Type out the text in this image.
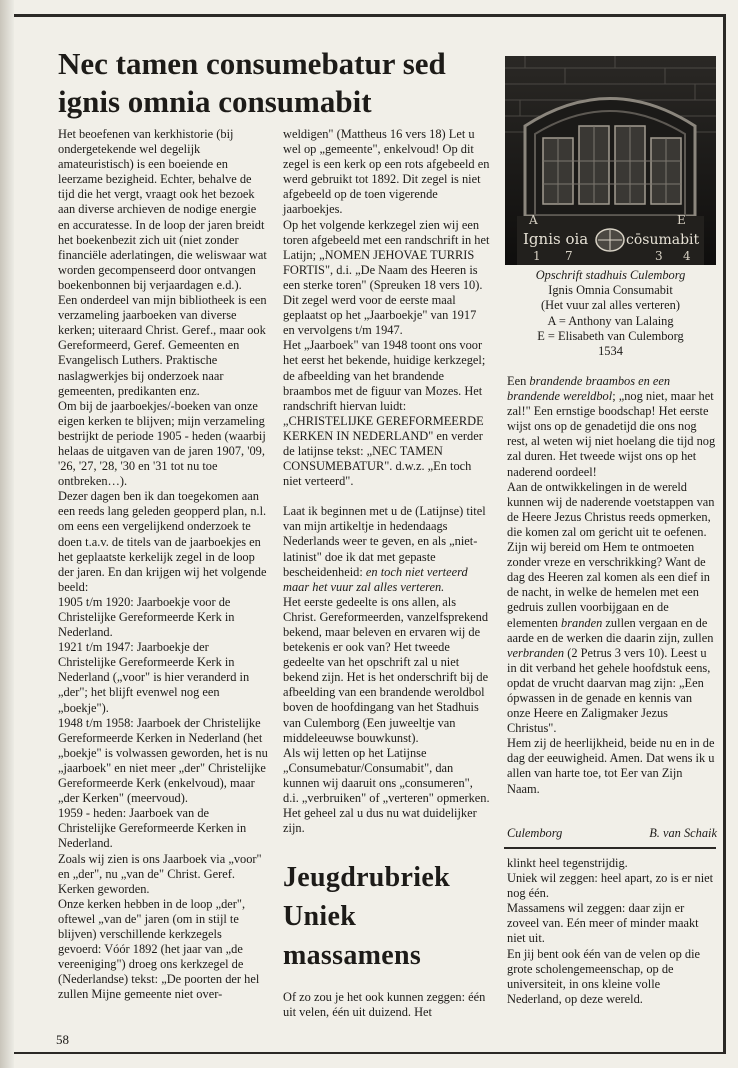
Nec tamen consumebatur sed ignis omnia consumabit

Het beoefenen van kerkhistorie (bij ondergetekende wel degelijk amateuristisch) is een boeiende en leerzame bezigheid. Echter, behalve de tijd die het vergt, vraagt ook het bezoek aan diverse archieven de nodige energie en accuratesse. In de loop der jaren breidt het boekenbezit zich uit (niet zonder financiële aderlatingen, die weliswaar wat worden gecompenseerd door ontvangen boekenbonnen bij verjaardagen e.d.).

Een onderdeel van mijn bibliotheek is een verzameling jaarboeken van diverse kerken; uiteraard Christ. Geref., maar ook Gereformeerd, Geref. Gemeenten en Evangelisch Luthers. Praktische naslagwerkjes bij onderzoek naar gemeenten, predikanten enz.

Om bij de jaarboekjes/-boeken van onze eigen kerken te blijven; mijn verzameling bestrijkt de periode 1905 - heden (waarbij helaas de uitgaven van de jaren 1907, '09, '26, '27, '28, '30 en '31 tot nu toe ontbreken…).

Dezer dagen ben ik dan toegekomen aan een reeds lang geleden geopperd plan, n.l. om eens een vergelijkend onderzoek te doen t.a.v. de titels van de jaarboekjes en het geplaatste kerkelijk zegel in de loop der jaren. En dan krijgen wij het volgende beeld:

1905 t/m 1920: Jaarboekje voor de Christelijke Gereformeerde Kerk in Nederland.

1921 t/m 1947: Jaarboekje der Christelijke Gereformeerde Kerk in Nederland („voor" is hier veranderd in „der"; het blijft evenwel nog een „boekje").

1948 t/m 1958: Jaarboek der Christelijke Gereformeerde Kerken in Nederland (het „boekje" is volwassen geworden, het is nu „jaarboek" en niet meer „der" Christelijke Gereformeerde Kerk (enkelvoud), maar „der Kerken" (meervoud).

1959 - heden: Jaarboek van de Christelijke Gereformeerde Kerken in Nederland.

Zoals wij zien is ons Jaarboek via „voor" en „der", nu „van de" Christ. Geref. Kerken geworden.

Onze kerken hebben in de loop „der", oftewel „van de" jaren (om in stijl te blijven) verschillende kerkzegels gevoerd: Vóór 1892 (het jaar van „de vereeniging") droeg ons kerkzegel de (Nederlandse) tekst: „De poorten der hel zullen Mijne gemeente niet over-

weldigen" (Mattheus 16 vers 18) Let u wel op „gemeente", enkelvoud! Op dit zegel is een kerk op een rots afgebeeld en werd gebruikt tot 1892. Dit zegel is niet afgebeeld op de toen vigerende jaarboekjes.

Op het volgende kerkzegel zien wij een toren afgebeeld met een randschrift in het Latijn; „NOMEN JEHOVAE TURRIS FORTIS", d.i. „De Naam des Heeren is een sterke toren" (Spreuken 18 vers 10).

Dit zegel werd voor de eerste maal geplaatst op het „Jaarboekje" van 1917 en vervolgens t/m 1947.

Het „Jaarboek" van 1948 toont ons voor het eerst het bekende, huidige kerkzegel; de afbeelding van het brandende braambos met de figuur van Mozes. Het randschrift hiervan luidt: „CHRISTELIJKE GEREFORMEERDE KERKEN IN NEDERLAND" en verder de latijnse tekst: „NEC TAMEN CONSUMEBATUR". d.w.z. „En toch niet verteerd".

Laat ik beginnen met u de (Latijnse) titel van mijn artikeltje in hedendaags Nederlands weer te geven, en als „niet-latinist" doe ik dat met gepaste bescheidenheid: en toch niet verteerd maar het vuur zal alles verteren.

Het eerste gedeelte is ons allen, als Christ. Gereformeerden, vanzelfsprekend bekend, maar beleven en ervaren wij de betekenis er ook van? Het tweede gedeelte van het opschrift zal u niet bekend zijn. Het is het onderschrift bij de afbeelding van een brandende weroldbol boven de hoofdingang van het Stadhuis van Culemborg (Een juweeltje van middeleeuwse bouwkunst).

Als wij letten op het Latijnse „Consumebatur/Consumabit", dan kunnen wij daaruit ons „consumeren", d.i. „verbruiken" of „verteren" opmerken. Het geheel zal u dus nu wat duidelijker zijn.

A	E
Ignis oia	cōsumabit
1 7	3 4
Opschrift stadhuis Culemborg
Ignis Omnia Consumabit
(Het vuur zal alles verteren)
A = Anthony van Lalaing
E = Elisabeth van Culemborg
1534

Een brandende braambos en een brandende wereldbol; „nog niet, maar het zal!" Een ernstige boodschap! Het eerste wijst ons op de genadetijd die ons nog rest, al weten wij niet hoelang die tijd nog zal duren. Het tweede wijst ons op het naderend oordeel!

Aan de ontwikkelingen in de wereld kunnen wij de naderende voetstappen van de Heere Jezus Christus reeds opmerken, die komen zal om gericht uit te oefenen. Zijn wij bereid om Hem te ontmoeten zonder vreze en verschrikking? Want de dag des Heeren zal komen als een dief in de nacht, in welke de hemelen met een gedruis zullen voorbijgaan en de elementen branden zullen vergaan en de aarde en de werken die daarin zijn, zullen verbranden (2 Petrus 3 vers 10). Leest u in dit verband het gehele hoofdstuk eens, opdat de vrucht daarvan mag zijn: „Een ópwassen in de genade en kennis van onze Heere en Zaligmaker Jezus Christus".

Hem zij de heerlijkheid, beide nu en in de dag der eeuwigheid. Amen. Dat wens ik u allen van harte toe, tot Eer van Zijn Naam.

Culemborg	B. van Schaik
Jeugdrubriek
Uniek
massamens

Of zo zou je het ook kunnen zeggen: één uit velen, één uit duizend. Het

klinkt heel tegenstrijdig.

Uniek wil zeggen: heel apart, zo is er niet nog één.

Massamens wil zeggen: daar zijn er zoveel van. Eén meer of minder maakt niet uit.

En jij bent ook één van de velen op die grote scholengemeenschap, op de universiteit, in ons kleine volle Nederland, op deze wereld.

58
